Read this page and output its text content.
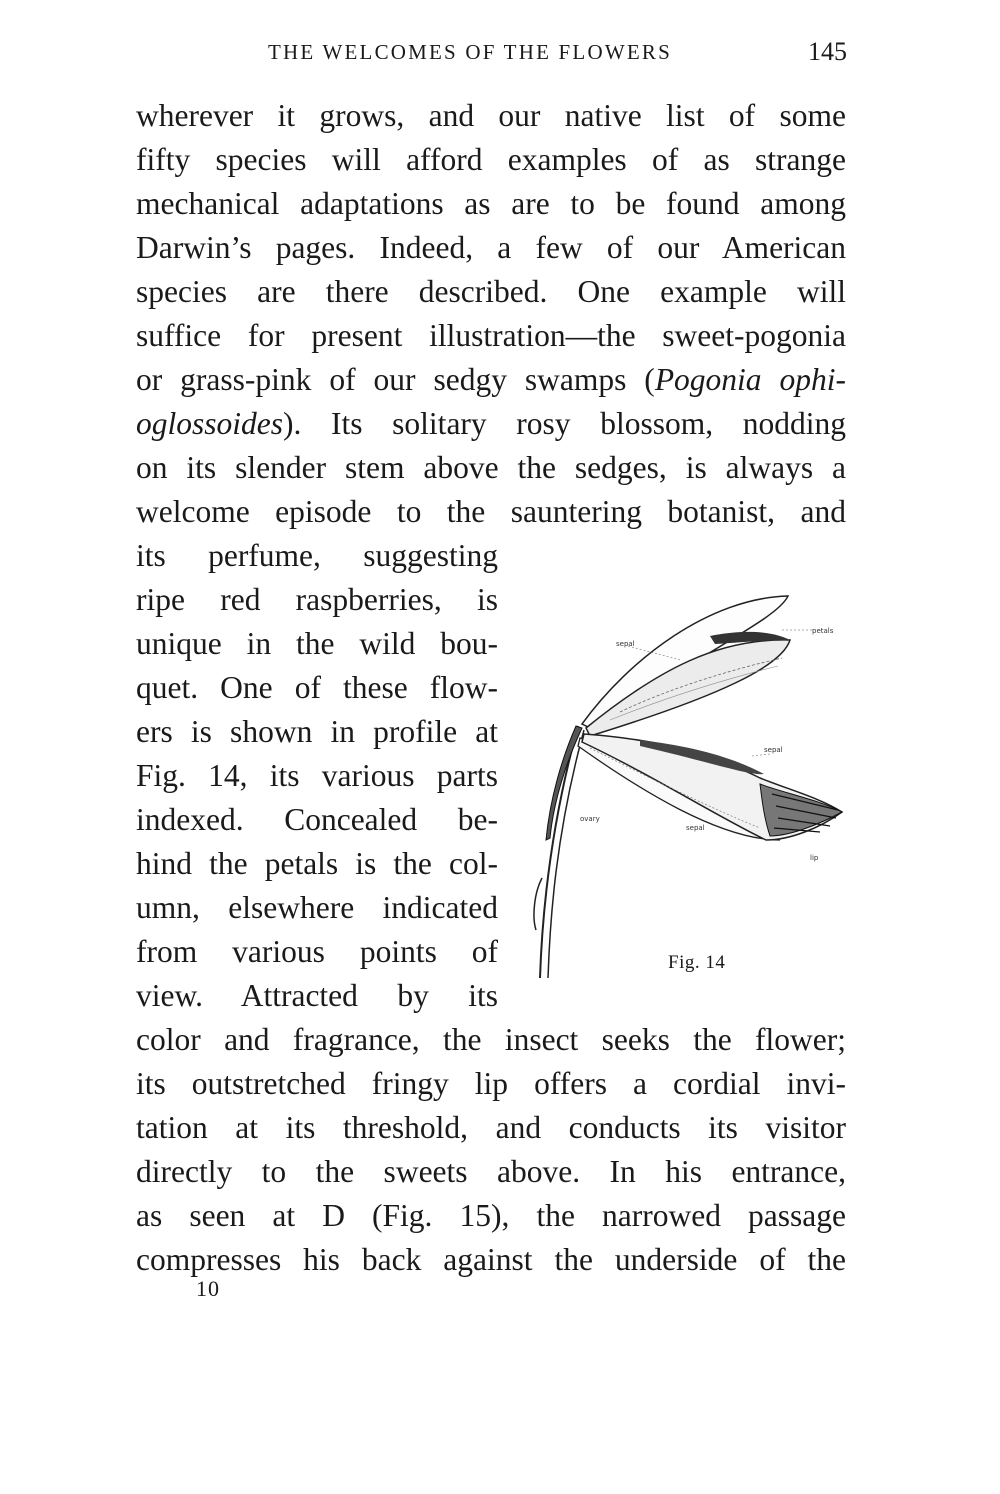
THE WELCOMES OF THE FLOWERS	145
wherever it grows, and our native list of some
fifty species will afford examples of as strange
mechanical adaptations as are to be found among
Darwin’s pages. Indeed, a few of our American
species are there described. One example will
suffice for present illustration—the sweet-pogonia
or grass-pink of our sedgy swamps (Pogonia ophi-
oglossoides). Its solitary rosy blossom, nodding
on its slender stem above the sedges, is always a
welcome episode to the sauntering botanist, and
its perfume, suggesting
ripe red raspberries, is
unique in the wild bou-
quet. One of these flow-
ers is shown in profile at
Fig. 14, its various parts
indexed. Concealed be-
hind the petals is the col-
umn, elsewhere indicated
from various points of
view. Attracted by its
color and fragrance, the insect seeks the flower;
its outstretched fringy lip offers a cordial invi-
tation at its threshold, and conducts its visitor
directly to the sweets above. In his entrance,
as seen at D (Fig. 15), the narrowed passage
compresses his back against the underside of the
sepal
petals
sepal
ovary
sepal
lip
Fig. 14
10
